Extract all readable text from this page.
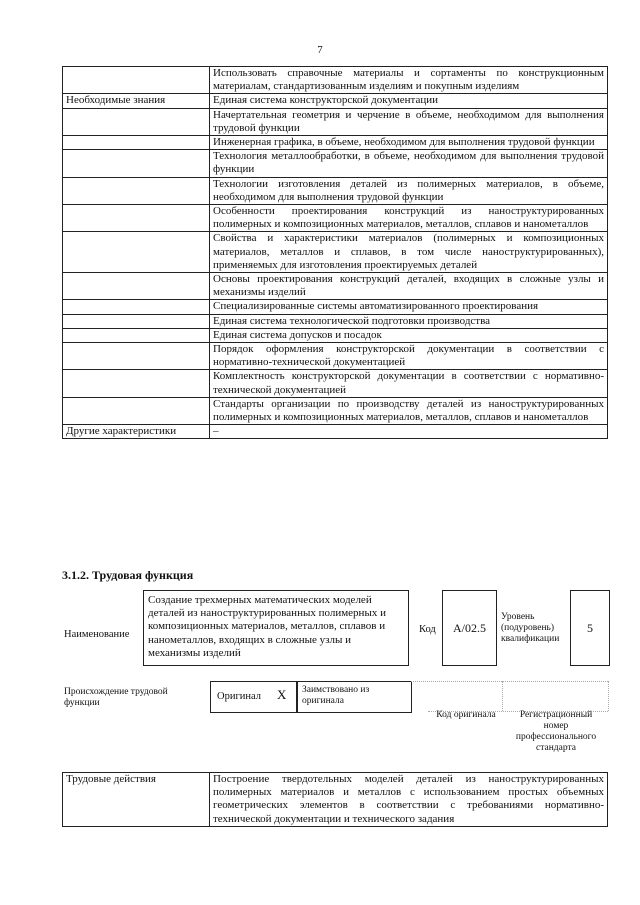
7
	Использовать справочные материалы и сортаменты по конструкционным материалам, стандартизованным изделиям и покупным изделиям
Необходимые знания	Единая система конструкторской документации
	Начертательная геометрия и черчение в объеме, необходимом для выполнения трудовой функции
	Инженерная графика, в объеме, необходимом для выполнения трудовой функции
	Технология металлообработки, в объеме, необходимом для выполнения трудовой функции
	Технологии изготовления деталей из полимерных материалов, в объеме, необходимом для выполнения трудовой функции
	Особенности проектирования конструкций из наноструктурированных полимерных и композиционных материалов, металлов, сплавов и нанометаллов
	Свойства и характеристики материалов (полимерных и композиционных материалов, металлов и сплавов, в том числе наноструктурированных), применяемых для изготовления проектируемых деталей
	Основы проектирования конструкций деталей, входящих в сложные узлы и механизмы изделий
	Специализированные системы автоматизированного проектирования
	Единая система технологической подготовки производства
	Единая система допусков и посадок
	Порядок оформления конструкторской документации в соответствии с нормативно-технической документацией
	Комплектность конструкторской документации в соответствии с нормативно-технической документацией
	Стандарты организации по производству деталей из наноструктурированных полимерных и композиционных материалов, металлов, сплавов и нанометаллов
Другие характеристики	–
3.1.2. Трудовая функция
Наименование
Создание трехмерных математических моделей деталей из наноструктурированных полимерных и композиционных материалов, металлов, сплавов и нанометаллов, входящих в сложные узлы и механизмы изделий
Код	A/02.5
Уровень (подуровень) квалификации
5
Происхождение трудовой функции
Оригинал X Заимствовано из оригинала
Код оригинала	Регистрационный номер профессионального стандарта
Трудовые действия	Построение твердотельных моделей деталей из наноструктурированных полимерных материалов и металлов с использованием простых объемных геометрических элементов в соответствии с требованиями нормативно-технической документации и технического задания
